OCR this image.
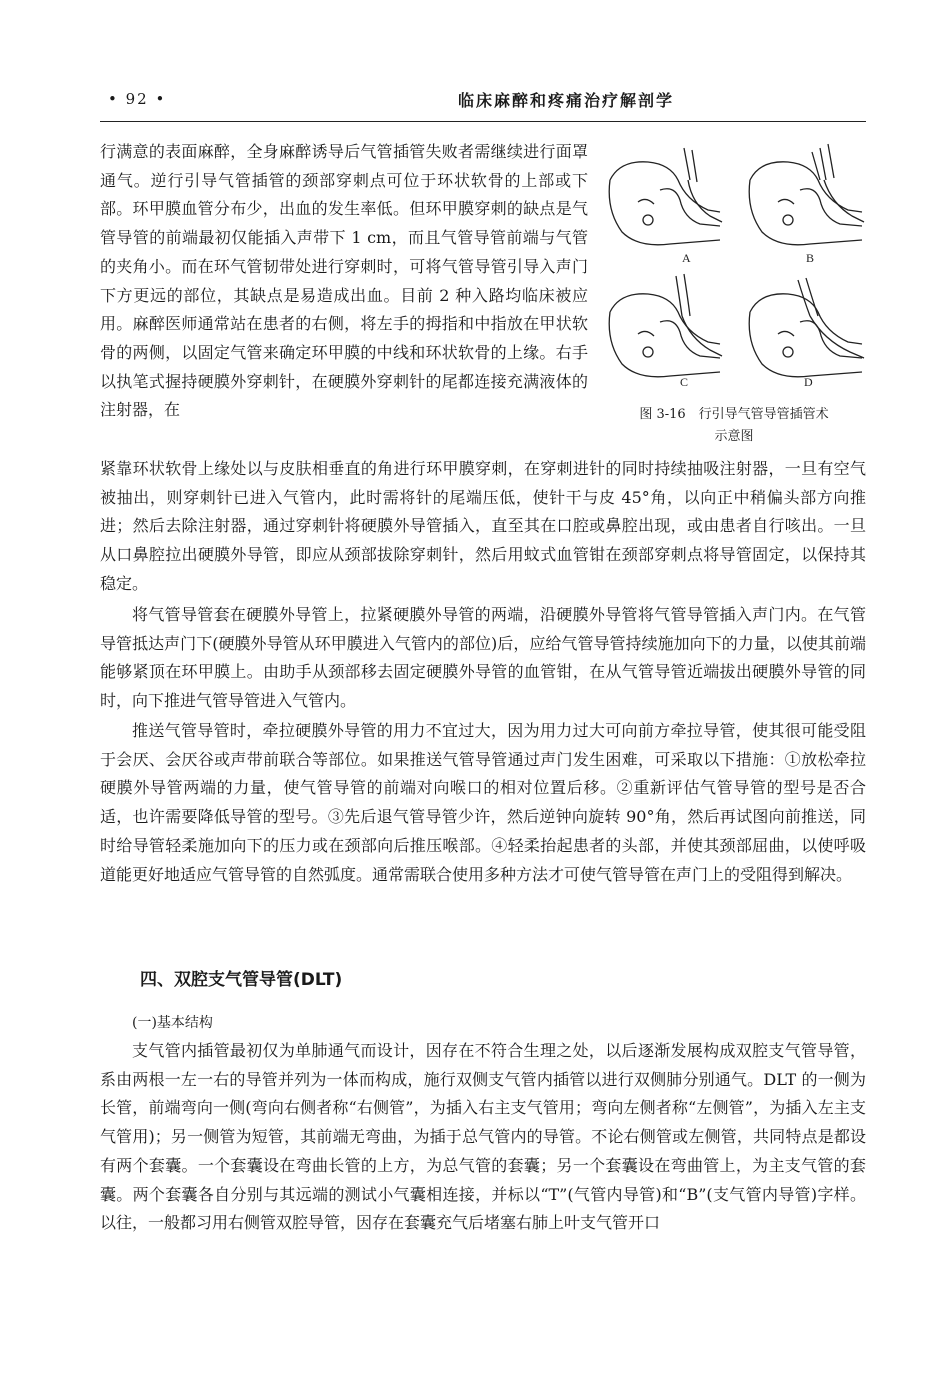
• 92 •	临床麻醉和疼痛治疗解剖学

行满意的表面麻醉，全身麻醉诱导后气管插管失败者需继续进行面罩通气。逆行引导气管插管的颈部穿刺点可位于环状软骨的上部或下部。环甲膜血管分布少，出血的发生率低。但环甲膜穿刺的缺点是气管导管的前端最初仅能插入声带下 1 cm，而且气管导管前端与气管的夹角小。而在环气管韧带处进行穿刺时，可将气管导管引导入声门下方更远的部位，其缺点是易造成出血。目前 2 种入路均临床被应用。麻醉医师通常站在患者的右侧，将左手的拇指和中指放在甲状软骨的两侧，以固定气管来确定环甲膜的中线和环状软骨的上缘。右手以执笔式握持硬膜外穿刺针，在硬膜外穿刺针的尾都连接充满液体的注射器，在

A	B
C	D
图 3-16　行引导气管导管插管术
示意图

紧靠环状软骨上缘处以与皮肤相垂直的角进行环甲膜穿刺，在穿刺进针的同时持续抽吸注射器，一旦有空气被抽出，则穿刺针已进入气管内，此时需将针的尾端压低，使针干与皮 45°角，以向正中稍偏头部方向推进；然后去除注射器，通过穿刺针将硬膜外导管插入，直至其在口腔或鼻腔出现，或由患者自行咳出。一旦从口鼻腔拉出硬膜外导管，即应从颈部拔除穿刺针，然后用蚊式血管钳在颈部穿刺点将导管固定，以保持其稳定。

将气管导管套在硬膜外导管上，拉紧硬膜外导管的两端，沿硬膜外导管将气管导管插入声门内。在气管导管抵达声门下(硬膜外导管从环甲膜进入气管内的部位)后，应给气管导管持续施加向下的力量，以使其前端能够紧顶在环甲膜上。由助手从颈部移去固定硬膜外导管的血管钳，在从气管导管近端拔出硬膜外导管的同时，向下推进气管导管进入气管内。

推送气管导管时，牵拉硬膜外导管的用力不宜过大，因为用力过大可向前方牵拉导管，使其很可能受阻于会厌、会厌谷或声带前联合等部位。如果推送气管导管通过声门发生困难，可采取以下措施：①放松牵拉硬膜外导管两端的力量，使气管导管的前端对向喉口的相对位置后移。②重新评估气管导管的型号是否合适，也许需要降低导管的型号。③先后退气管导管少许，然后逆钟向旋转 90°角，然后再试图向前推送，同时给导管轻柔施加向下的压力或在颈部向后推压喉部。④轻柔抬起患者的头部，并使其颈部屈曲，以使呼吸道能更好地适应气管导管的自然弧度。通常需联合使用多种方法才可使气管导管在声门上的受阻得到解决。

四、双腔支气管导管(DLT)
(一)基本结构

支气管内插管最初仅为单肺通气而设计，因存在不符合生理之处，以后逐渐发展构成双腔支气管导管，系由两根一左一右的导管并列为一体而构成，施行双侧支气管内插管以进行双侧肺分别通气。DLT 的一侧为长管，前端弯向一侧(弯向右侧者称“右侧管”，为插入右主支气管用；弯向左侧者称“左侧管”，为插入左主支气管用)；另一侧管为短管，其前端无弯曲，为插于总气管内的导管。不论右侧管或左侧管，共同特点是都设有两个套囊。一个套囊设在弯曲长管的上方，为总气管的套囊；另一个套囊设在弯曲管上，为主支气管的套囊。两个套囊各自分别与其远端的测试小气囊相连接，并标以“T”(气管内导管)和“B”(支气管内导管)字样。以往，一般都习用右侧管双腔导管，因存在套囊充气后堵塞右肺上叶支气管开口
